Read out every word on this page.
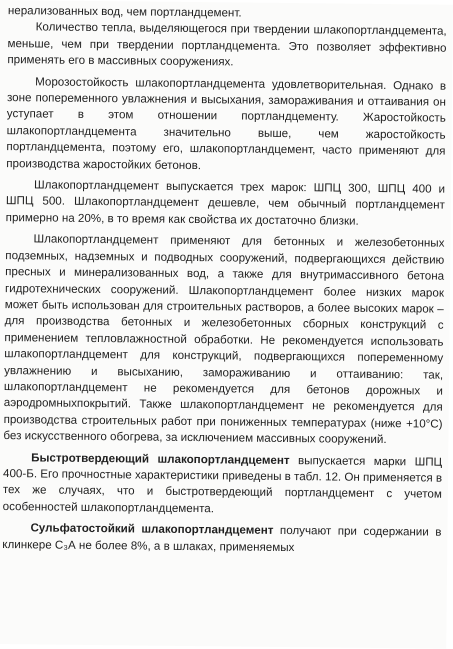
нерализованных вод, чем портландцемент.

Количество тепла, выделяющегося при твердении шлакопортландцемента, меньше, чем при твердении портландцемента. Это позволяет эффективно применять его в массивных сооружениях.

Морозостойкость шлакопортландцемента удовлетворительная. Однако в зоне попеременного увлажнения и высыхания, замораживания и оттаивания он уступает в этом отношении портландцементу. Жаростойкость шлакопортландцемента значительно выше, чем жаростойкость портландцемента, поэтому его, шлакопортландцемент, часто применяют для производства жаростойких бетонов.

Шлакопортландцемент выпускается трех марок: ШПЦ 300, ШПЦ 400 и ШПЦ 500. Шлакопортландцемент дешевле, чем обычный портландцемент примерно на 20%, в то время как свойства их достаточно близки.

Шлакопортландцемент применяют для бетонных и железобетонных подземных, надземных и подводных сооружений, подвергающихся действию пресных и минерализованных вод, а также для внутримассивного бетона гидротехнических сооружений. Шлакопортландцемент более низких марок может быть использован для строительных растворов, а более высоких марок – для производства бетонных и железобетонных сборных конструкций с применением тепловлажностной обработки. Не рекомендуется использовать шлакопортландцемент для конструкций, подвергающихся попеременному увлажнению и высыханию, замораживанию и оттаиванию: так, шлакопортландцемент не рекомендуется для бетонов дорожных и аэродромныхпокрытий. Также шлакопортландцемент не рекомендуется для производства строительных работ при пониженных температурах (ниже +10°С) без искусственного обогрева, за исключением массивных сооружений.

Быстротвердеющий шлакопортландцемент выпускается марки ШПЦ 400-Б. Его прочностные характеристики приведены в табл. 12. Он применяется в тех же случаях, что и быстротвердеющий портландцемент с учетом особенностей шлакопортландцемента.

Сульфатостойкий шлакопортландцемент получают при содержании в клинкере С₃А не более 8%, а в шлаках, применяемых
